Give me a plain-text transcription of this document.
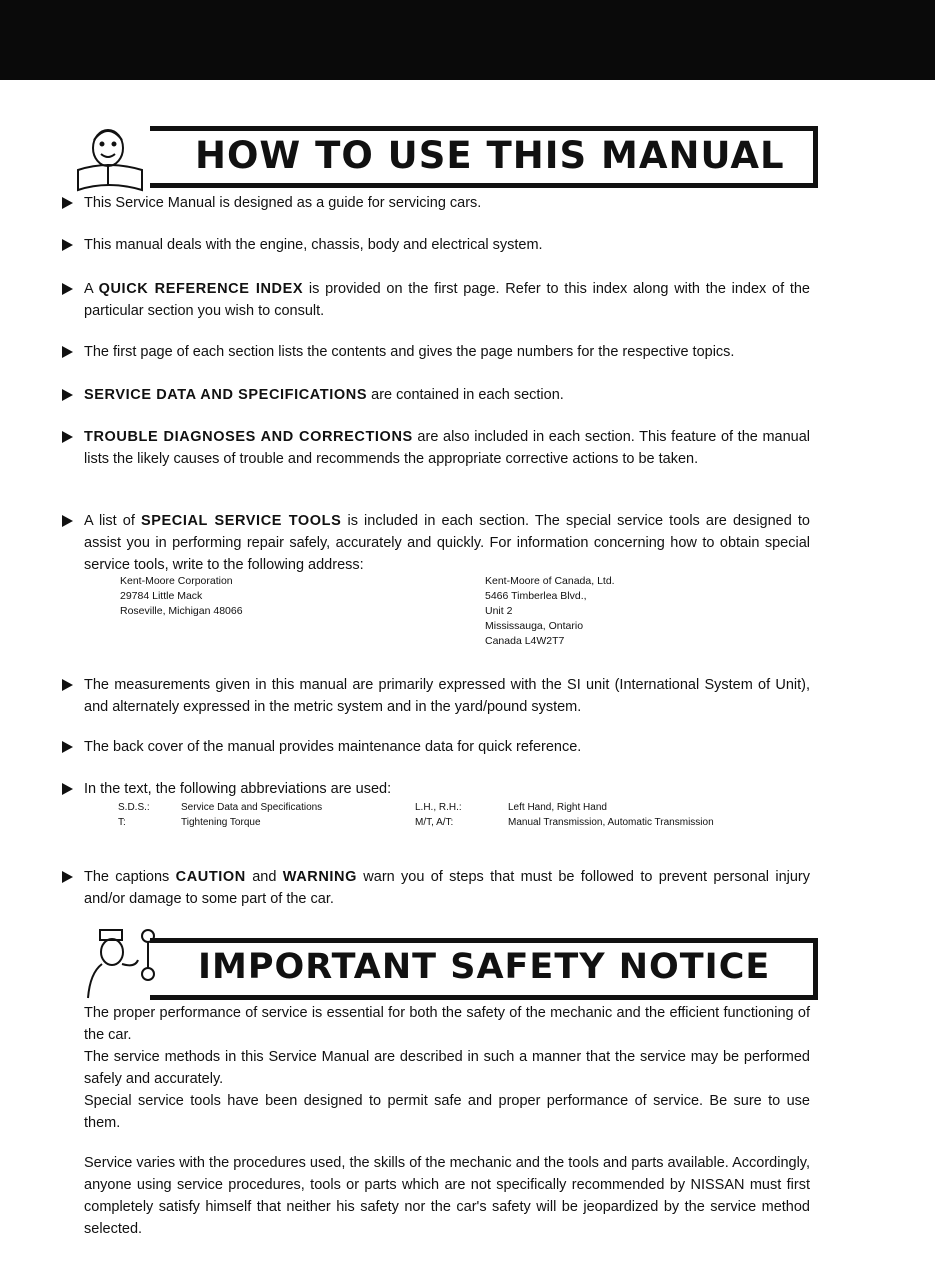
HOW TO USE THIS MANUAL
This Service Manual is designed as a guide for servicing cars.
This manual deals with the engine, chassis, body and electrical system.
A QUICK REFERENCE INDEX is provided on the first page. Refer to this index along with the index of the particular section you wish to consult.
The first page of each section lists the contents and gives the page numbers for the respective topics.
SERVICE DATA AND SPECIFICATIONS are contained in each section.
TROUBLE DIAGNOSES AND CORRECTIONS are also included in each section. This feature of the manual lists the likely causes of trouble and recommends the appropriate corrective actions to be taken.
A list of SPECIAL SERVICE TOOLS is included in each section. The special service tools are designed to assist you in performing repair safely, accurately and quickly. For information concerning how to obtain special service tools, write to the following address:
Kent-Moore Corporation
29784 Little Mack
Roseville, Michigan 48066
Kent-Moore of Canada, Ltd.
5466 Timberlea Blvd.,
Unit 2
Mississauga, Ontario
Canada L4W2T7
The measurements given in this manual are primarily expressed with the SI unit (International System of Unit), and alternately expressed in the metric system and in the yard/pound system.
The back cover of the manual provides maintenance data for quick reference.
In the text, the following abbreviations are used:
S.D.S.:	Service Data and Specifications
T:	Tightening Torque
L.H., R.H.:	Left Hand, Right Hand
M/T, A/T:	Manual Transmission, Automatic Transmission
The captions CAUTION and WARNING warn you of steps that must be followed to prevent personal injury and/or damage to some part of the car.
IMPORTANT SAFETY NOTICE
The proper performance of service is essential for both the safety of the mechanic and the efficient functioning of the car.
The service methods in this Service Manual are described in such a manner that the service may be performed safely and accurately.
Special service tools have been designed to permit safe and proper performance of service. Be sure to use them.
Service varies with the procedures used, the skills of the mechanic and the tools and parts available. Accordingly, anyone using service procedures, tools or parts which are not specifically recommended by NISSAN must first completely satisfy himself that neither his safety nor the car's safety will be jeopardized by the service method selected.
